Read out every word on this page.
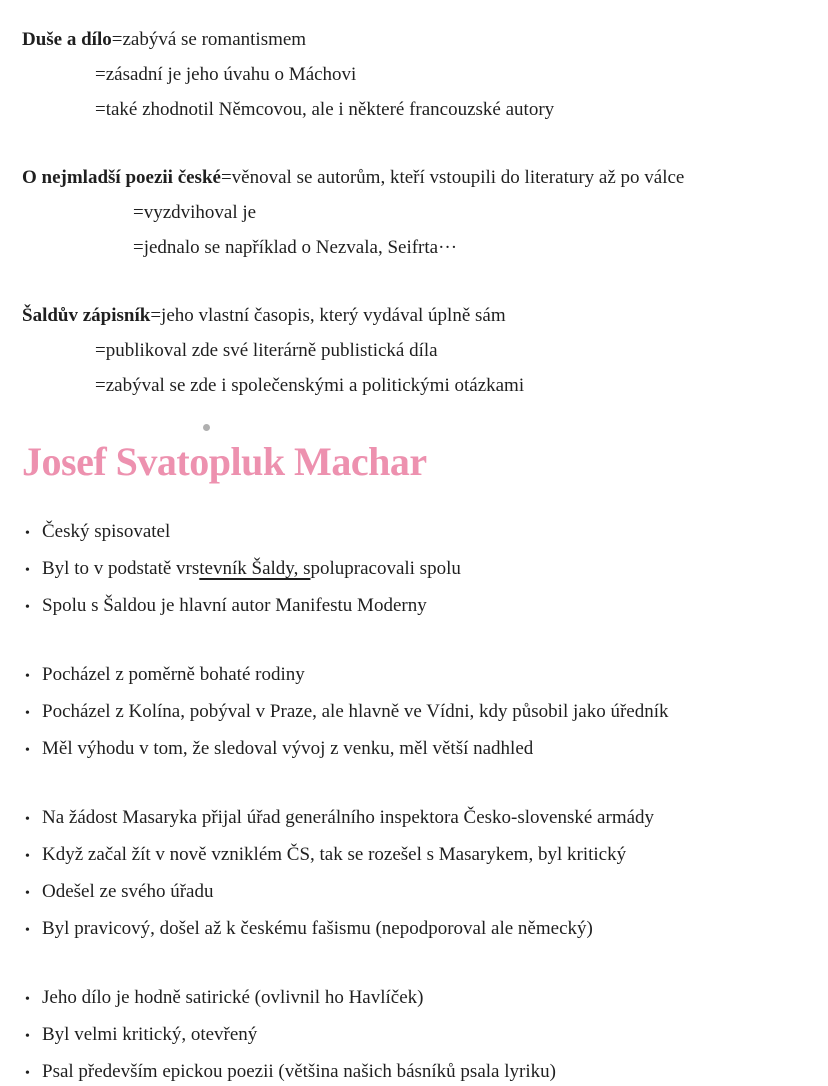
Duše a dílo=zabývá se romantismem
=zásadní je jeho úvahu o Máchovi
=také zhodnotil Němcovou, ale i některé francouzské autory
O nejmladší poezii české=věnoval se autorům, kteří vstoupili do literatury až po válce
=vyzdvihoval je
=jednalo se například o Nezvala, Seifrta···
Šaldův zápisník=jeho vlastní časopis, který vydával úplně sám
=publikoval zde své literárně publistická díla
=zabýval se zde i společenskými a politickými otázkami
Josef Svatopluk Machar
• Český spisovatel
• Byl to v podstatě vrstevník Šaldy, spolupracovali spolu
• Spolu s Šaldou je hlavní autor Manifestu Moderny
• Pocházel z poměrně bohaté rodiny
• Pocházel z Kolína, pobýval v Praze, ale hlavně ve Vídni, kdy působil jako úředník
• Měl výhodu v tom, že sledoval vývoj z venku, měl větší nadhled
• Na žádost Masaryka přijal úřad generálního inspektora Česko-slovenské armády
• Když začal žít v nově vzniklém ČS, tak se rozešel s Masarykem, byl kritický
• Odešel ze svého úřadu
• Byl pravicový, došel až k českému fašismu (nepodporoval ale německý)
• Jeho dílo je hodně satirické (ovlivnil ho Havlíček)
• Byl velmi kritický, otevřený
• Psal především epickou poezii (většina našich básníků psala lyriku)
